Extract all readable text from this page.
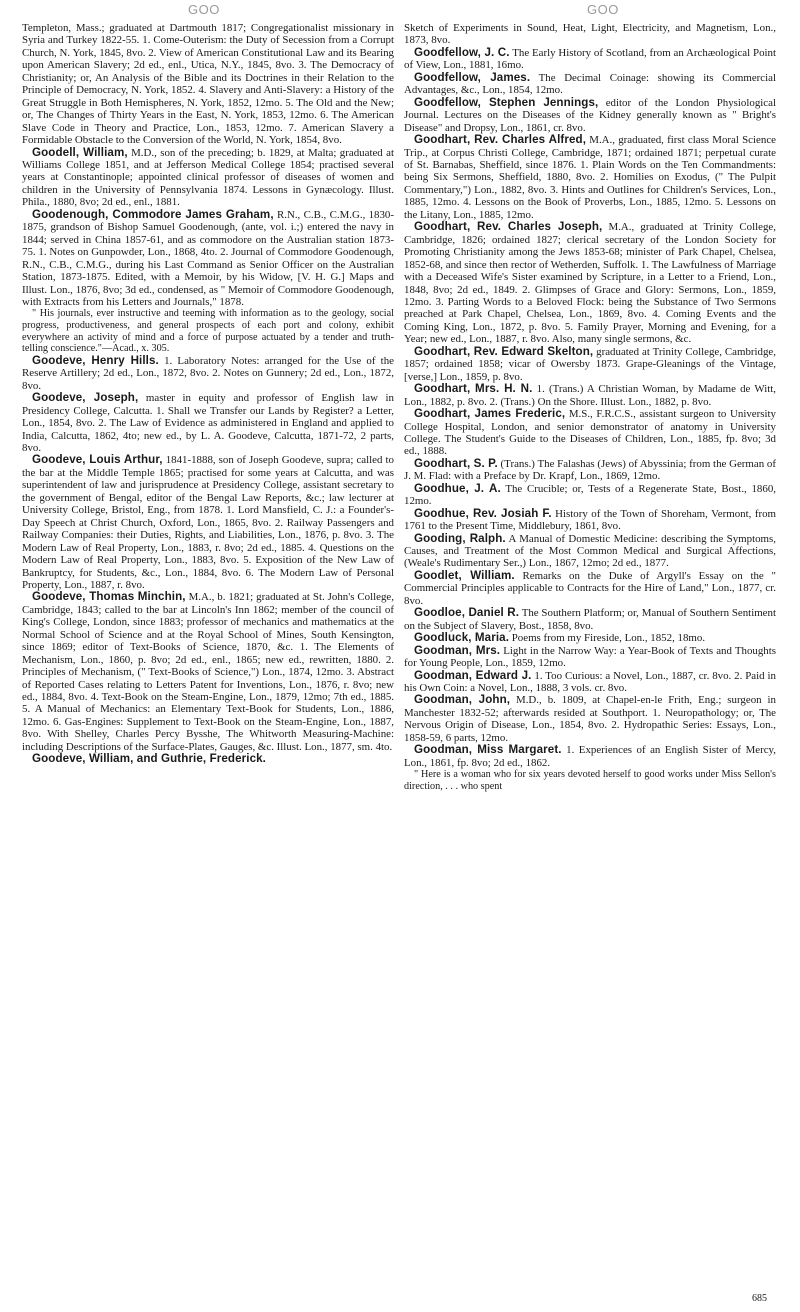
GOO	GOO

Templeton, Mass.; graduated at Dartmouth 1817; Congregationalist missionary in Syria and Turkey 1822-55. 1. Come-Outerism: the Duty of Secession from a Corrupt Church, N. York, 1845, 8vo. 2. View of American Constitutional Law and its Bearing upon American Slavery; 2d ed., enl., Utica, N.Y., 1845, 8vo. 3. The Democracy of Christianity; or, An Analysis of the Bible and its Doctrines in their Relation to the Principle of Democracy, N. York, 1852. 4. Slavery and Anti-Slavery: a History of the Great Struggle in Both Hemispheres, N. York, 1852, 12mo. 5. The Old and the New; or, The Changes of Thirty Years in the East, N. York, 1853, 12mo. 6. The American Slave Code in Theory and Practice, Lon., 1853, 12mo. 7. American Slavery a Formidable Obstacle to the Conversion of the World, N. York, 1854, 8vo.

Goodell, William, M.D., son of the preceding; b. 1829, at Malta; graduated at Williams College 1851, and at Jefferson Medical College 1854; practised several years at Constantinople; appointed clinical professor of diseases of women and children in the University of Pennsylvania 1874. Lessons in Gynæcology. Illust. Phila., 1880, 8vo; 2d ed., enl., 1881.

Goodenough, Commodore James Graham, R.N., C.B., C.M.G., 1830-1875, grandson of Bishop Samuel Goodenough, (ante, vol. i.;) entered the navy in 1844; served in China 1857-61, and as commodore on the Australian station 1873-75. 1. Notes on Gunpowder, Lon., 1868, 4to. 2. Journal of Commodore Goodenough, R.N., C.B., C.M.G., during his Last Command as Senior Officer on the Australian Station, 1873-1875. Edited, with a Memoir, by his Widow, [V. H. G.] Maps and Illust. Lon., 1876, 8vo; 3d ed., condensed, as " Memoir of Commodore Goodenough, with Extracts from his Letters and Journals," 1878.

" His journals, ever instructive and teeming with information as to the geology, social progress, productiveness, and general prospects of each port and colony, exhibit everywhere an activity of mind and a force of purpose actuated by a tender and truth-telling conscience."—Acad., x. 305.

Goodeve, Henry Hills. 1. Laboratory Notes: arranged for the Use of the Reserve Artillery; 2d ed., Lon., 1872, 8vo. 2. Notes on Gunnery; 2d ed., Lon., 1872, 8vo.

Goodeve, Joseph, master in equity and professor of English law in Presidency College, Calcutta. 1. Shall we Transfer our Lands by Register? a Letter, Lon., 1854, 8vo. 2. The Law of Evidence as administered in England and applied to India, Calcutta, 1862, 4to; new ed., by L. A. Goodeve, Calcutta, 1871-72, 2 parts, 8vo.

Goodeve, Louis Arthur, 1841-1888, son of Joseph Goodeve, supra; called to the bar at the Middle Temple 1865; practised for some years at Calcutta, and was superintendent of law and jurisprudence at Presidency College, assistant secretary to the government of Bengal, editor of the Bengal Law Reports, &c.; law lecturer at University College, Bristol, Eng., from 1878. 1. Lord Mansfield, C. J.: a Founder's-Day Speech at Christ Church, Oxford, Lon., 1865, 8vo. 2. Railway Passengers and Railway Companies: their Duties, Rights, and Liabilities, Lon., 1876, p. 8vo. 3. The Modern Law of Real Property, Lon., 1883, r. 8vo; 2d ed., 1885. 4. Questions on the Modern Law of Real Property, Lon., 1883, 8vo. 5. Exposition of the New Law of Bankruptcy, for Students, &c., Lon., 1884, 8vo. 6. The Modern Law of Personal Property, Lon., 1887, r. 8vo.

Goodeve, Thomas Minchin, M.A., b. 1821; graduated at St. John's College, Cambridge, 1843; called to the bar at Lincoln's Inn 1862; member of the council of King's College, London, since 1883; professor of mechanics and mathematics at the Normal School of Science and at the Royal School of Mines, South Kensington, since 1869; editor of Text-Books of Science, 1870, &c. 1. The Elements of Mechanism, Lon., 1860, p. 8vo; 2d ed., enl., 1865; new ed., rewritten, 1880. 2. Principles of Mechanism, (" Text-Books of Science,") Lon., 1874, 12mo. 3. Abstract of Reported Cases relating to Letters Patent for Inventions, Lon., 1876, r. 8vo; new ed., 1884, 8vo. 4. Text-Book on the Steam-Engine, Lon., 1879, 12mo; 7th ed., 1885. 5. A Manual of Mechanics: an Elementary Text-Book for Students, Lon., 1886, 12mo. 6. Gas-Engines: Supplement to Text-Book on the Steam-Engine, Lon., 1887, 8vo. With Shelley, Charles Percy Bysshe, The Whitworth Measuring-Machine: including Descriptions of the Surface-Plates, Gauges, &c. Illust. Lon., 1877, sm. 4to.

Goodeve, William, and Guthrie, Frederick.

Sketch of Experiments in Sound, Heat, Light, Electricity, and Magnetism, Lon., 1873, 8vo.

Goodfellow, J. C. The Early History of Scotland, from an Archæological Point of View, Lon., 1881, 16mo.

Goodfellow, James. The Decimal Coinage: showing its Commercial Advantages, &c., Lon., 1854, 12mo.

Goodfellow, Stephen Jennings, editor of the London Physiological Journal. Lectures on the Diseases of the Kidney generally known as " Bright's Disease" and Dropsy, Lon., 1861, cr. 8vo.

Goodhart, Rev. Charles Alfred, M.A., graduated, first class Moral Science Trip., at Corpus Christi College, Cambridge, 1871; ordained 1871; perpetual curate of St. Barnabas, Sheffield, since 1876. 1. Plain Words on the Ten Commandments: being Six Sermons, Sheffield, 1880, 8vo. 2. Homilies on Exodus, (" The Pulpit Commentary,") Lon., 1882, 8vo. 3. Hints and Outlines for Children's Services, Lon., 1885, 12mo. 4. Lessons on the Book of Proverbs, Lon., 1885, 12mo. 5. Lessons on the Litany, Lon., 1885, 12mo.

Goodhart, Rev. Charles Joseph, M.A., graduated at Trinity College, Cambridge, 1826; ordained 1827; clerical secretary of the London Society for Promoting Christianity among the Jews 1853-68; minister of Park Chapel, Chelsea, 1852-68, and since then rector of Wetherden, Suffolk. 1. The Lawfulness of Marriage with a Deceased Wife's Sister examined by Scripture, in a Letter to a Friend, Lon., 1848, 8vo; 2d ed., 1849. 2. Glimpses of Grace and Glory: Sermons, Lon., 1859, 12mo. 3. Parting Words to a Beloved Flock: being the Substance of Two Sermons preached at Park Chapel, Chelsea, Lon., 1869, 8vo. 4. Coming Events and the Coming King, Lon., 1872, p. 8vo. 5. Family Prayer, Morning and Evening, for a Year; new ed., Lon., 1887, r. 8vo. Also, many single sermons, &c.

Goodhart, Rev. Edward Skelton, graduated at Trinity College, Cambridge, 1857; ordained 1858; vicar of Owersby 1873. Grape-Gleanings of the Vintage, [verse,] Lon., 1859, p. 8vo.

Goodhart, Mrs. H. N. 1. (Trans.) A Christian Woman, by Madame de Witt, Lon., 1882, p. 8vo. 2. (Trans.) On the Shore. Illust. Lon., 1882, p. 8vo.

Goodhart, James Frederic, M.S., F.R.C.S., assistant surgeon to University College Hospital, London, and senior demonstrator of anatomy in University College. The Student's Guide to the Diseases of Children, Lon., 1885, fp. 8vo; 3d ed., 1888.

Goodhart, S. P. (Trans.) The Falashas (Jews) of Abyssinia; from the German of J. M. Flad: with a Preface by Dr. Krapf, Lon., 1869, 12mo.

Goodhue, J. A. The Crucible; or, Tests of a Regenerate State, Bost., 1860, 12mo.

Goodhue, Rev. Josiah F. History of the Town of Shoreham, Vermont, from 1761 to the Present Time, Middlebury, 1861, 8vo.

Gooding, Ralph. A Manual of Domestic Medicine: describing the Symptoms, Causes, and Treatment of the Most Common Medical and Surgical Affections, (Weale's Rudimentary Ser.,) Lon., 1867, 12mo; 2d ed., 1877.

Goodlet, William. Remarks on the Duke of Argyll's Essay on the " Commercial Principles applicable to Contracts for the Hire of Land," Lon., 1877, cr. 8vo.

Goodloe, Daniel R. The Southern Platform; or, Manual of Southern Sentiment on the Subject of Slavery, Bost., 1858, 8vo.

Goodluck, Maria. Poems from my Fireside, Lon., 1852, 18mo.

Goodman, Mrs. Light in the Narrow Way: a Year-Book of Texts and Thoughts for Young People, Lon., 1859, 12mo.

Goodman, Edward J. 1. Too Curious: a Novel, Lon., 1887, cr. 8vo. 2. Paid in his Own Coin: a Novel, Lon., 1888, 3 vols. cr. 8vo.

Goodman, John, M.D., b. 1809, at Chapel-en-le Frith, Eng.; surgeon in Manchester 1832-52; afterwards resided at Southport. 1. Neuropathology; or, The Nervous Origin of Disease, Lon., 1854, 8vo. 2. Hydropathic Series: Essays, Lon., 1858-59, 6 parts, 12mo.

Goodman, Miss Margaret. 1. Experiences of an English Sister of Mercy, Lon., 1861, fp. 8vo; 2d ed., 1862.

" Here is a woman who for six years devoted herself to good works under Miss Sellon's direction, . . . who spent

685
